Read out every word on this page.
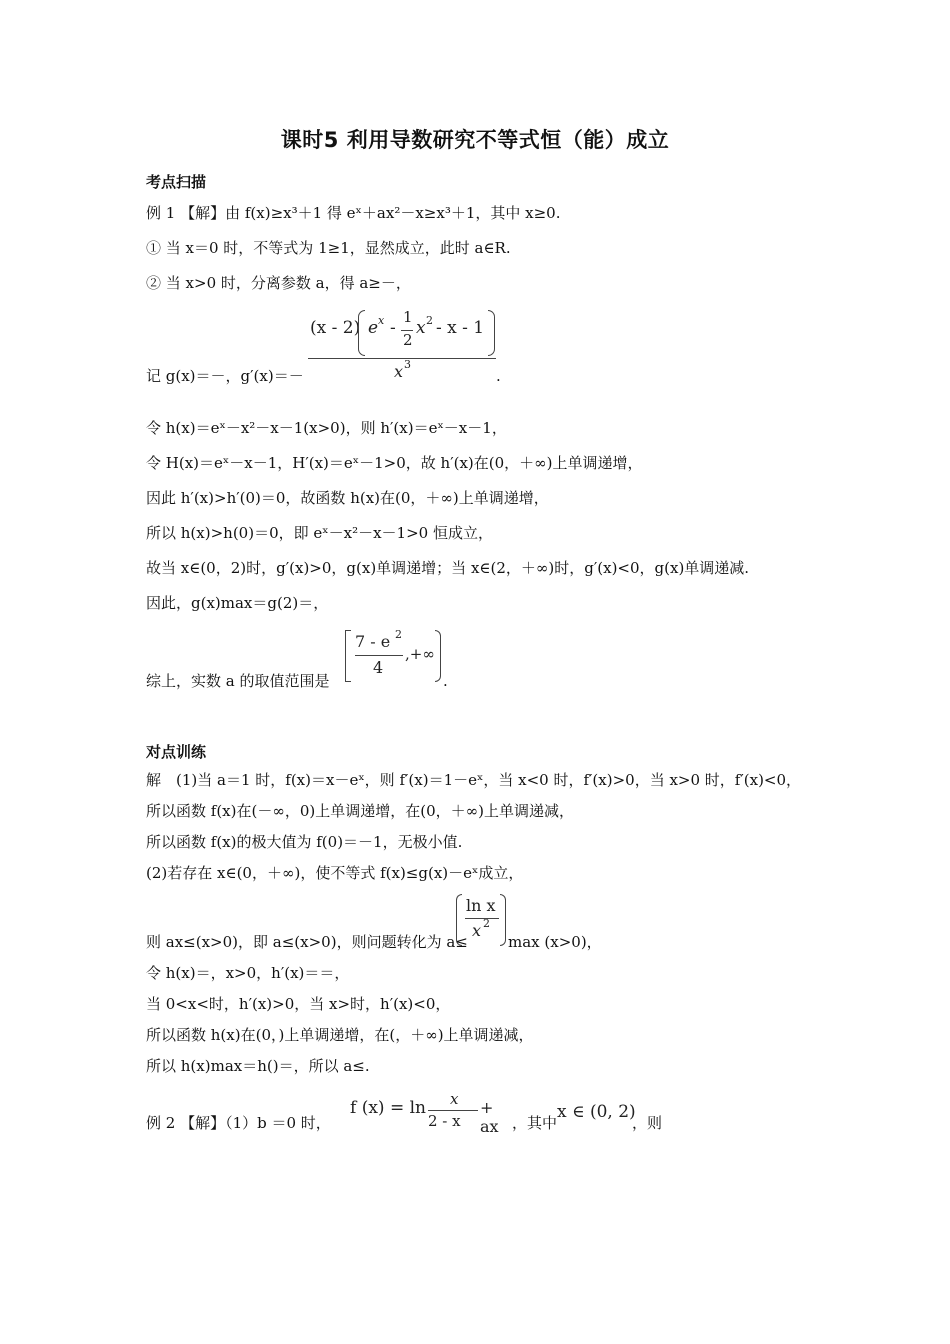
课时5 利用导数研究不等式恒（能）成立
考点扫描
例 1 【解】由 f(x)≥x³＋1 得 eˣ＋ax²－x≥x³＋1，其中 x≥0.
① 当 x＝0 时，不等式为 1≥1，显然成立，此时 a∈R.
② 当 x>0 时，分离参数 a，得 a≥－，
(x - 2) e x -
1
2
x 2 - x - 1
x 3
记 g(x)＝－，g′(x)＝－	.
令 h(x)＝eˣ－x²－x－1(x>0)，则 h′(x)＝eˣ－x－1，
令 H(x)＝eˣ－x－1，H′(x)＝eˣ－1>0，故 h′(x)在(0，＋∞)上单调递增，
因此 h′(x)>h′(0)＝0，故函数 h(x)在(0，＋∞)上单调递增，
所以 h(x)>h(0)＝0，即 eˣ－x²－x－1>0 恒成立，
故当 x∈(0，2)时，g′(x)>0，g(x)单调递增；当 x∈(2，＋∞)时，g′(x)<0，g(x)单调递减.
因此，g(x)max＝g(2)＝，
7 - e 2
4
,+∞
综上，实数 a 的取值范围是	.
对点训练
解　(1)当 a＝1 时，f(x)＝x－eˣ，则 f′(x)＝1－eˣ，当 x<0 时，f′(x)>0，当 x>0 时，f′(x)<0，
所以函数 f(x)在(－∞，0)上单调递增，在(0，＋∞)上单调递减，
所以函数 f(x)的极大值为 f(0)＝－1，无极小值.
(2)若存在 x∈(0，＋∞)，使不等式 f(x)≤g(x)－eˣ成立，
ln x
x 2
则 ax≤(x>0)，即 a≤(x>0)，则问题转化为 a≤	max (x>0)，
令 h(x)＝，x>0，h′(x)＝＝，
当 0<x<时，h′(x)>0，当 x>时，h′(x)<0，
所以函数 h(x)在(0，)上单调递增，在(，＋∞)上单调递减，
所以 h(x)max＝h()＝，所以 a≤.
例 2 【解】（1）b ＝0 时，
f (x) = ln x
2 - x
+ ax ，其中
x ∈ (0, 2)
，则
